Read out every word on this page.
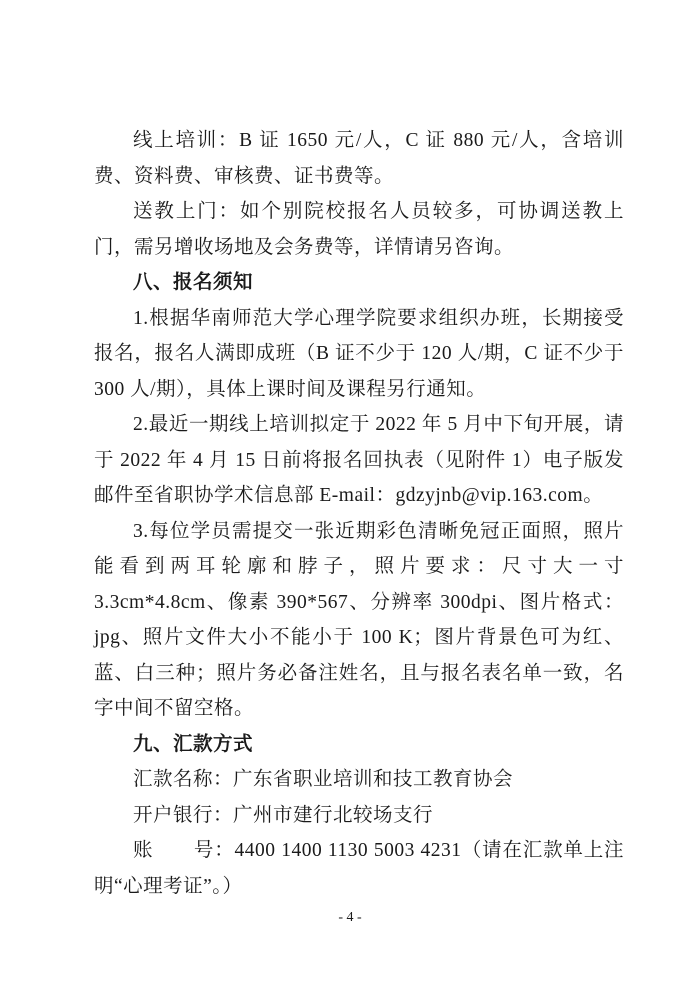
线上培训：B 证 1650 元/人，C 证 880 元/人，含培训费、资料费、审核费、证书费等。

送教上门：如个别院校报名人员较多，可协调送教上门，需另增收场地及会务费等，详情请另咨询。

八、报名须知

1.根据华南师范大学心理学院要求组织办班，长期接受报名，报名人满即成班（B 证不少于 120 人/期，C 证不少于 300 人/期），具体上课时间及课程另行通知。

2.最近一期线上培训拟定于 2022 年 5 月中下旬开展，请于 2022 年 4 月 15 日前将报名回执表（见附件 1）电子版发邮件至省职协学术信息部 E-mail：gdzyjnb@vip.163.com。

3.每位学员需提交一张近期彩色清晰免冠正面照，照片能看到两耳轮廓和脖子，照片要求：尺寸大一寸 3.3cm*4.8cm、像素 390*567、分辨率 300dpi、图片格式：jpg、照片文件大小不能小于 100 K；图片背景色可为红、蓝、白三种；照片务必备注姓名，且与报名表名单一致，名字中间不留空格。

九、汇款方式

汇款名称：广东省职业培训和技工教育协会

开户银行：广州市建行北较场支行

账　　号：4400 1400 1130 5003 4231（请在汇款单上注明“心理考证”。）

- 4 -
